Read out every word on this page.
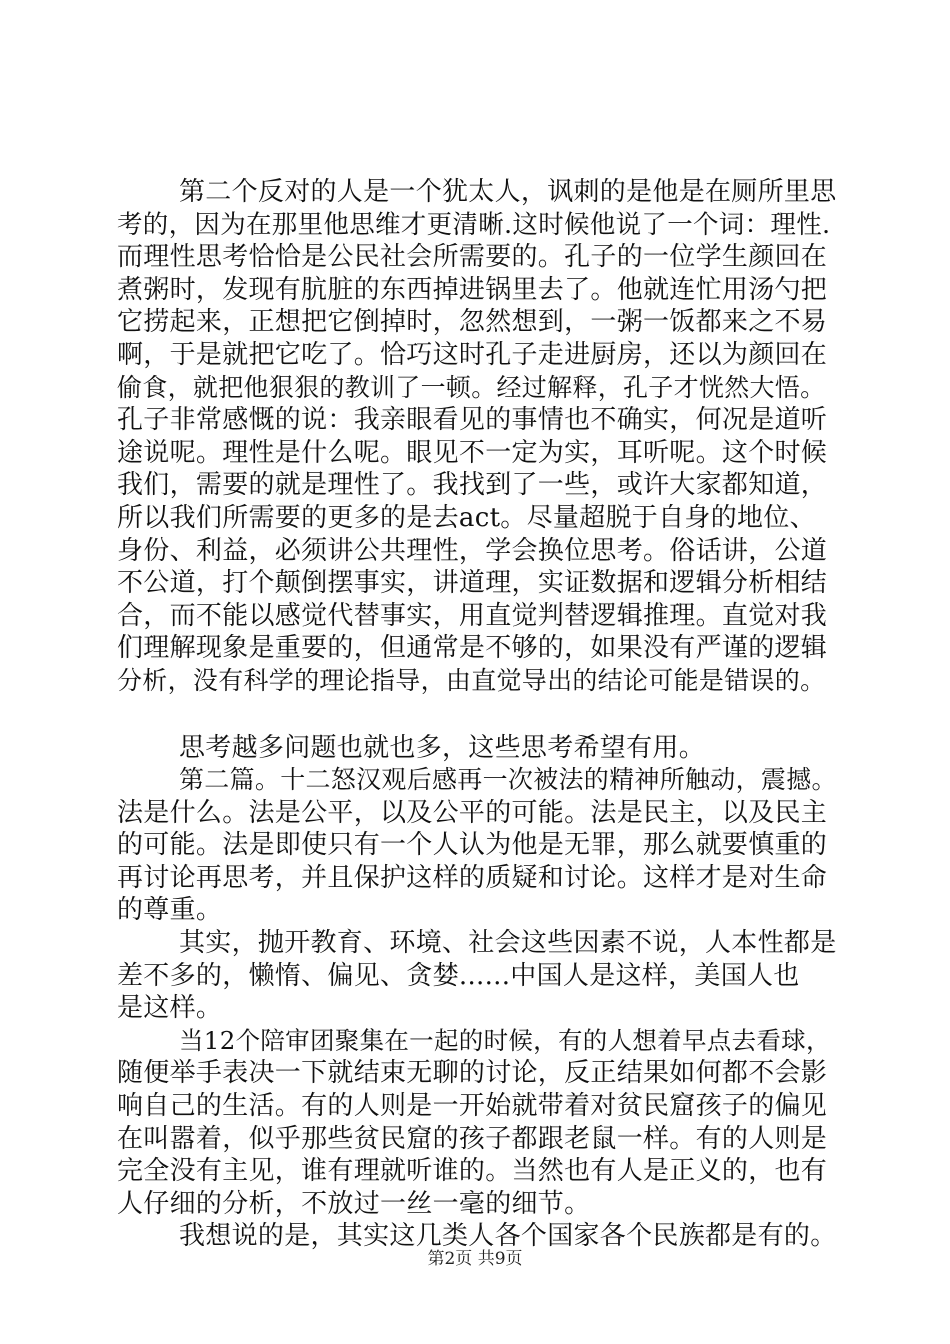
第二个反对的人是一个犹太人，讽刺的是他是在厕所里思
考的，因为在那里他思维才更清晰.这时候他说了一个词：理性.
而理性思考恰恰是公民社会所需要的。孔子的一位学生颜回在
煮粥时，发现有肮脏的东西掉进锅里去了。他就连忙用汤勺把
它捞起来，正想把它倒掉时，忽然想到，一粥一饭都来之不易
啊，于是就把它吃了。恰巧这时孔子走进厨房，还以为颜回在
偷食，就把他狠狠的教训了一顿。经过解释，孔子才恍然大悟。
孔子非常感慨的说：我亲眼看见的事情也不确实，何况是道听
途说呢。理性是什么呢。眼见不一定为实，耳听呢。这个时候
我们，需要的就是理性了。我找到了一些，或许大家都知道，
所以我们所需要的更多的是去act。尽量超脱于自身的地位、
身份、利益，必须讲公共理性，学会换位思考。俗话讲，公道
不公道，打个颠倒摆事实，讲道理，实证数据和逻辑分析相结
合，而不能以感觉代替事实，用直觉判替逻辑推理。直觉对我
们理解现象是重要的，但通常是不够的，如果没有严谨的逻辑
分析，没有科学的理论指导，由直觉导出的结论可能是错误的。
思考越多问题也就也多，这些思考希望有用。
第二篇。十二怒汉观后感再一次被法的精神所触动，震撼。
法是什么。法是公平，以及公平的可能。法是民主，以及民主
的可能。法是即使只有一个人认为他是无罪，那么就要慎重的
再讨论再思考，并且保护这样的质疑和讨论。这样才是对生命
的尊重。
其实，抛开教育、环境、社会这些因素不说，人本性都是
差不多的，懒惰、偏见、贪婪......中国人是这样，美国人也
是这样。
当12个陪审团聚集在一起的时候，有的人想着早点去看球，
随便举手表决一下就结束无聊的讨论，反正结果如何都不会影
响自己的生活。有的人则是一开始就带着对贫民窟孩子的偏见
在叫嚣着，似乎那些贫民窟的孩子都跟老鼠一样。有的人则是
完全没有主见，谁有理就听谁的。当然也有人是正义的，也有
人仔细的分析，不放过一丝一毫的细节。
我想说的是，其实这几类人各个国家各个民族都是有的。
第2页 共9页
